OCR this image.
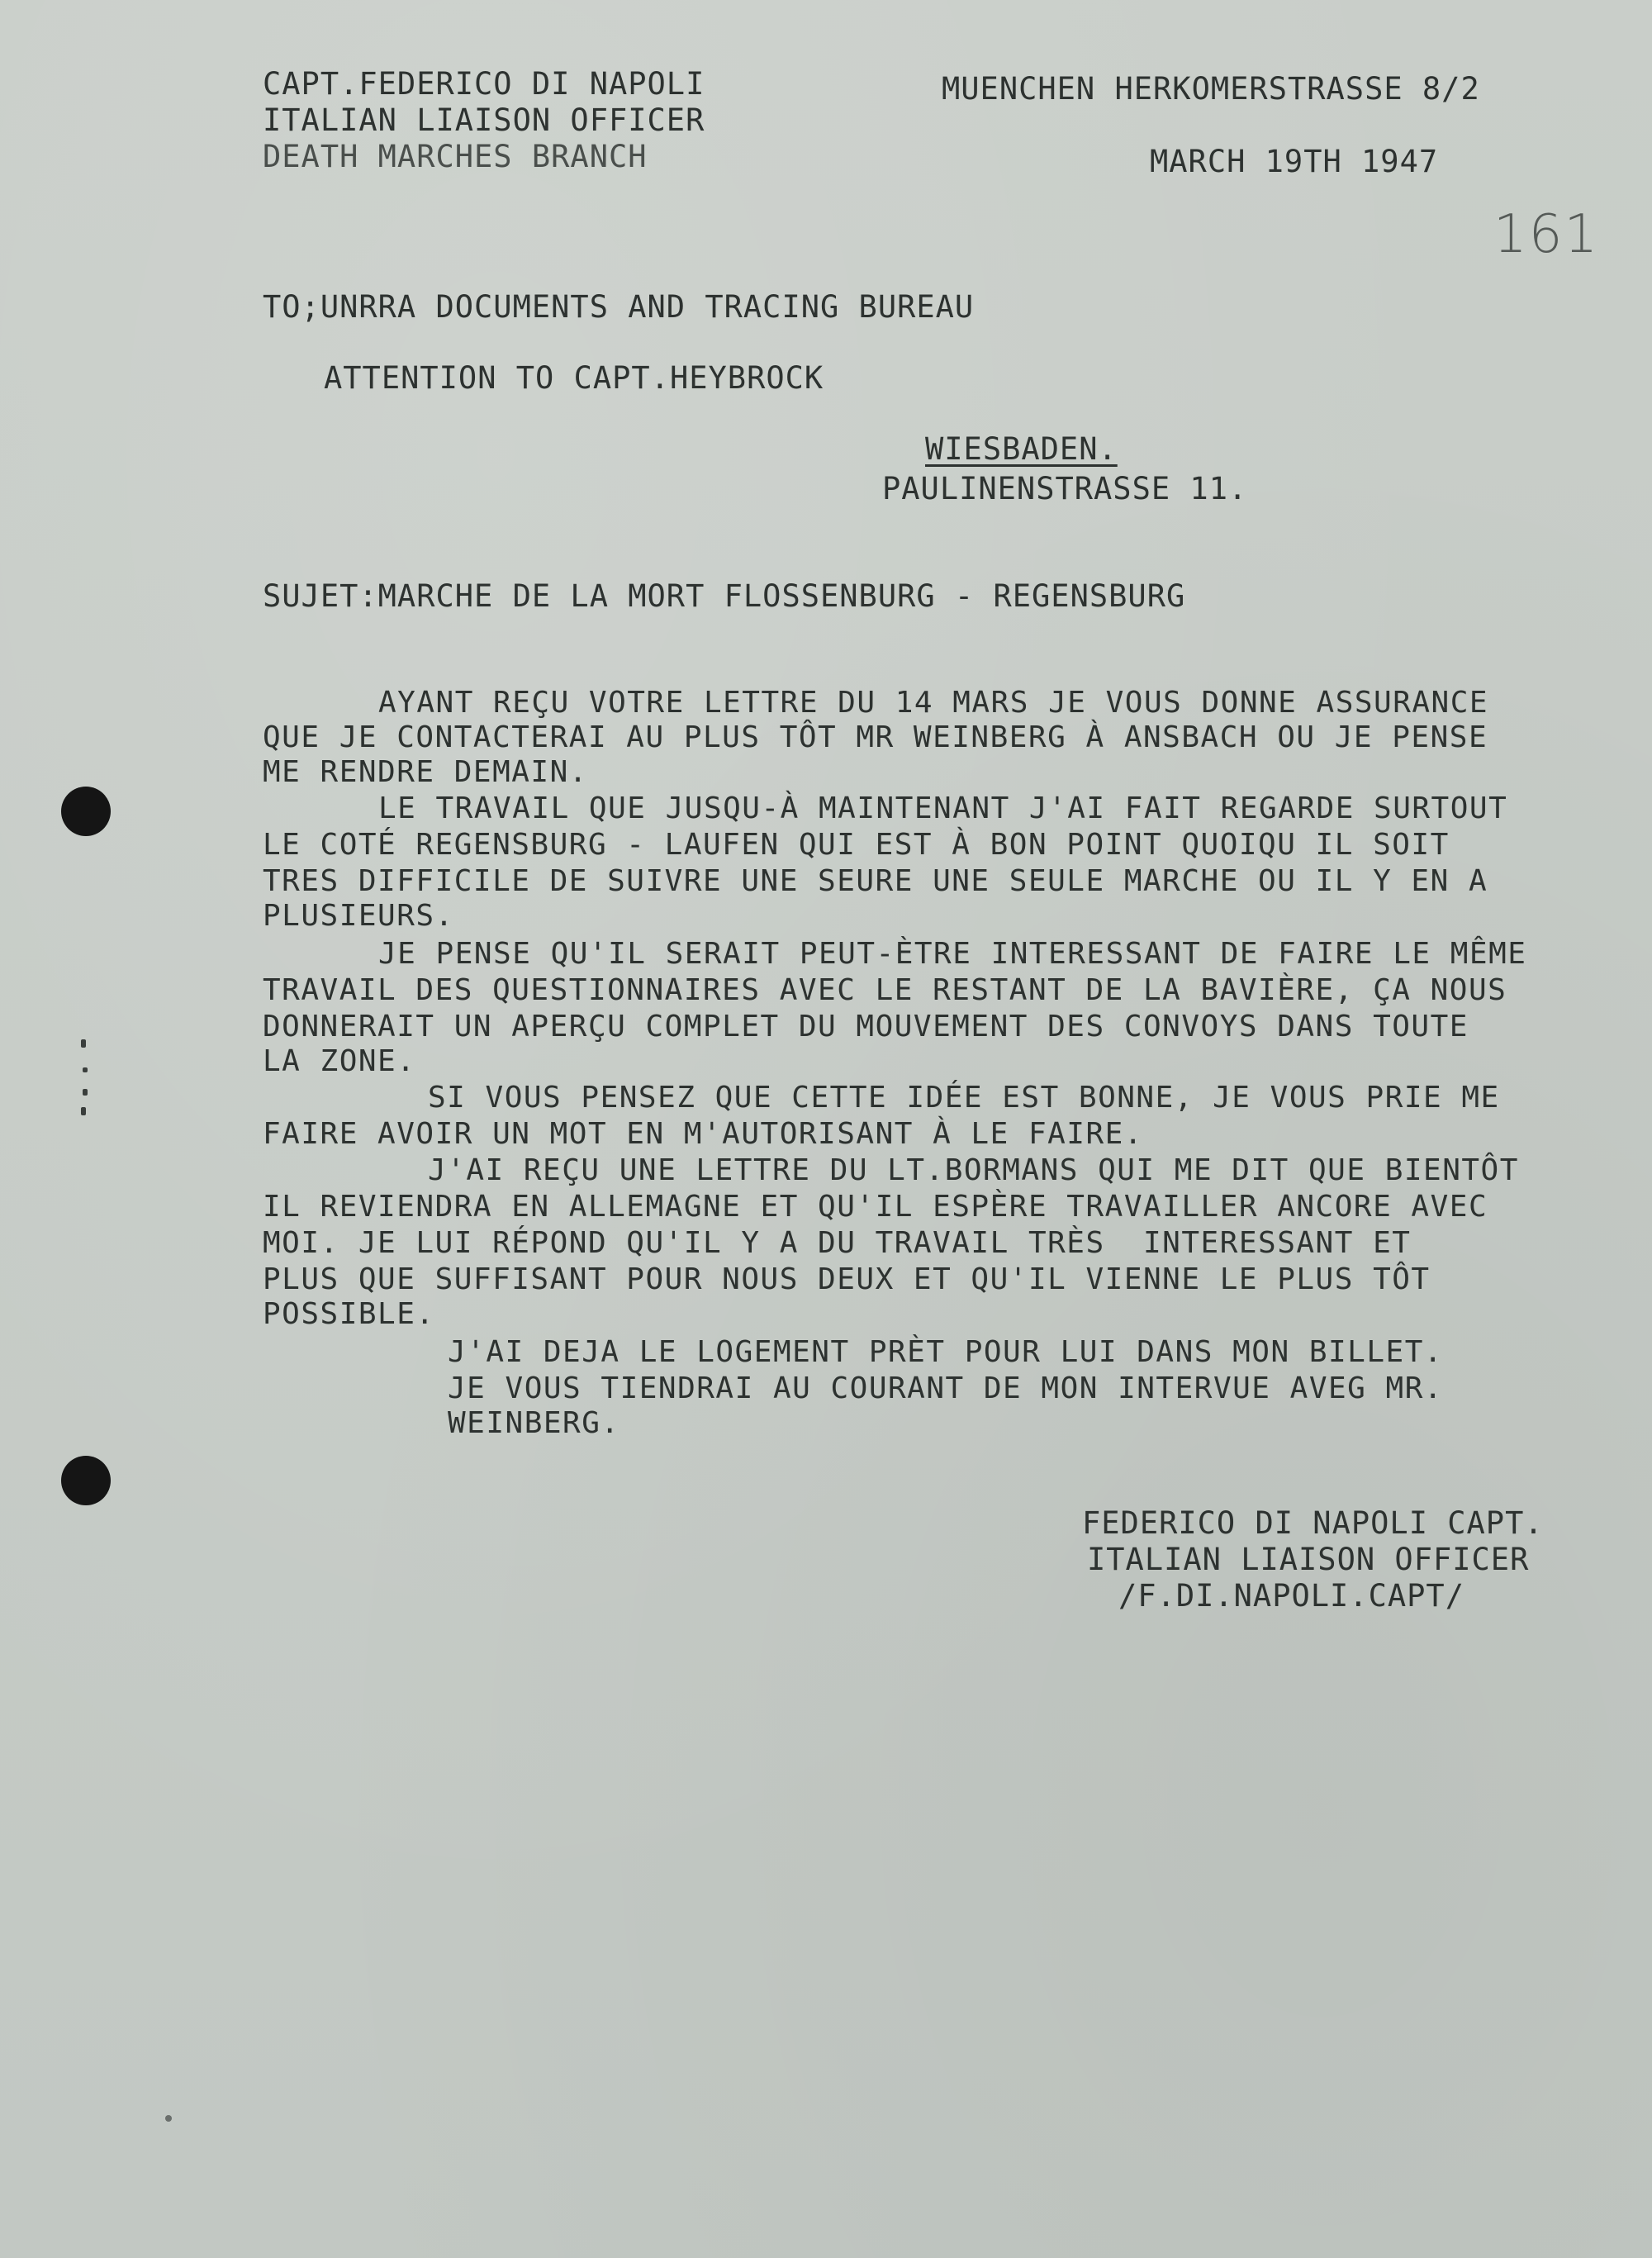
CAPT.FEDERICO DI NAPOLI
ITALIAN LIAISON OFFICER
DEATH MARCHES BRANCH
MUENCHEN HERKOMERSTRASSE 8/2
MARCH 19TH 1947
161
TO;UNRRA DOCUMENTS AND TRACING BUREAU
ATTENTION TO CAPT.HEYBROCK
WIESBADEN.
PAULINENSTRASSE 11.
SUJET:MARCHE DE LA MORT FLOSSENBURG - REGENSBURG
AYANT REÇU VOTRE LETTRE DU 14 MARS JE VOUS DONNE ASSURANCE
QUE JE CONTACTERAI AU PLUS TÔT MR WEINBERG À ANSBACH OU JE PENSE
ME RENDRE DEMAIN.
LE TRAVAIL QUE JUSQU-À MAINTENANT J'AI FAIT REGARDE SURTOUT
LE COTÉ REGENSBURG - LAUFEN QUI EST À BON POINT QUOIQU IL SOIT
TRES DIFFICILE DE SUIVRE UNE SEURE UNE SEULE MARCHE OU IL Y EN A
PLUSIEURS.
JE PENSE QU'IL SERAIT PEUT-ÈTRE INTERESSANT DE FAIRE LE MÊME
TRAVAIL DES QUESTIONNAIRES AVEC LE RESTANT DE LA BAVIÈRE, ÇA NOUS
DONNERAIT UN APERÇU COMPLET DU MOUVEMENT DES CONVOYS DANS TOUTE
LA ZONE.
SI VOUS PENSEZ QUE CETTE IDÉE EST BONNE, JE VOUS PRIE ME
FAIRE AVOIR UN MOT EN M'AUTORISANT À LE FAIRE.
J'AI REÇU UNE LETTRE DU LT.BORMANS QUI ME DIT QUE BIENTÔT
IL REVIENDRA EN ALLEMAGNE ET QU'IL ESPÈRE TRAVAILLER ANCORE AVEC
MOI. JE LUI RÉPOND QU'IL Y A DU TRAVAIL TRÈS  INTERESSANT ET
PLUS QUE SUFFISANT POUR NOUS DEUX ET QU'IL VIENNE LE PLUS TÔT
POSSIBLE.
J'AI DEJA LE LOGEMENT PRÈT POUR LUI DANS MON BILLET.
JE VOUS TIENDRAI AU COURANT DE MON INTERVUE AVEG MR.
WEINBERG.
FEDERICO DI NAPOLI CAPT.
ITALIAN LIAISON OFFICER
/F.DI.NAPOLI.CAPT/
